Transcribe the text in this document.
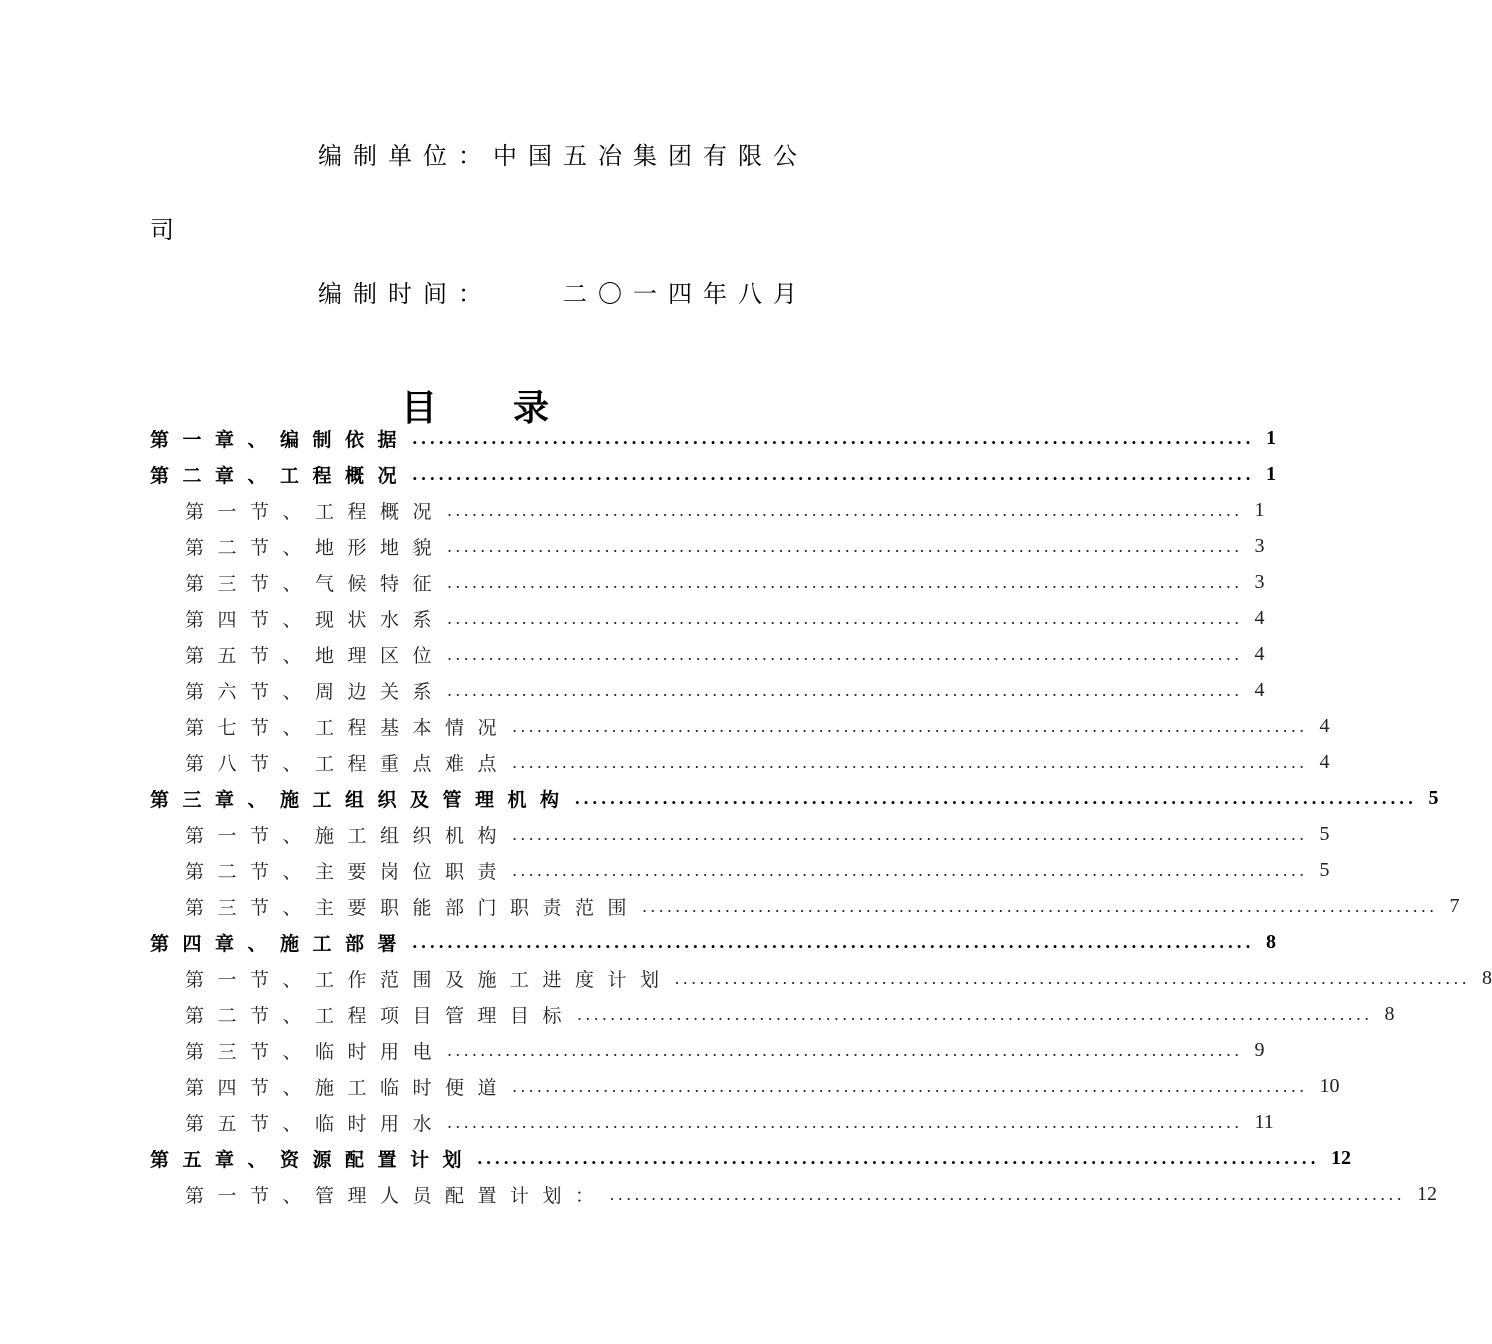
编制单位：中国五冶集团有限公
司
编制时间：	二〇一四年八月
目 录
第一章、编制依据 ................................................................................................ 1
第二章、工程概况 ................................................................................................ 1
第一节、工程概况 ................................................................................................ 1
第二节、地形地貌 ................................................................................................ 3
第三节、气候特征 ................................................................................................ 3
第四节、现状水系 ................................................................................................ 4
第五节、地理区位 ................................................................................................ 4
第六节、周边关系 ................................................................................................ 4
第七节、工程基本情况 ................................................................................................ 4
第八节、工程重点难点 ................................................................................................ 4
第三章、施工组织及管理机构 ................................................................................................ 5
第一节、施工组织机构 ................................................................................................ 5
第二节、主要岗位职责 ................................................................................................ 5
第三节、主要职能部门职责范围 ................................................................................................ 7
第四章、施工部署 ................................................................................................ 8
第一节、工作范围及施工进度计划 ................................................................................................ 8
第二节、工程项目管理目标 ................................................................................................ 8
第三节、临时用电 ................................................................................................ 9
第四节、施工临时便道 ................................................................................................ 10
第五节、临时用水 ................................................................................................ 11
第五章、资源配置计划 ................................................................................................ 12
第一节、管理人员配置计划： ................................................................................................ 12
